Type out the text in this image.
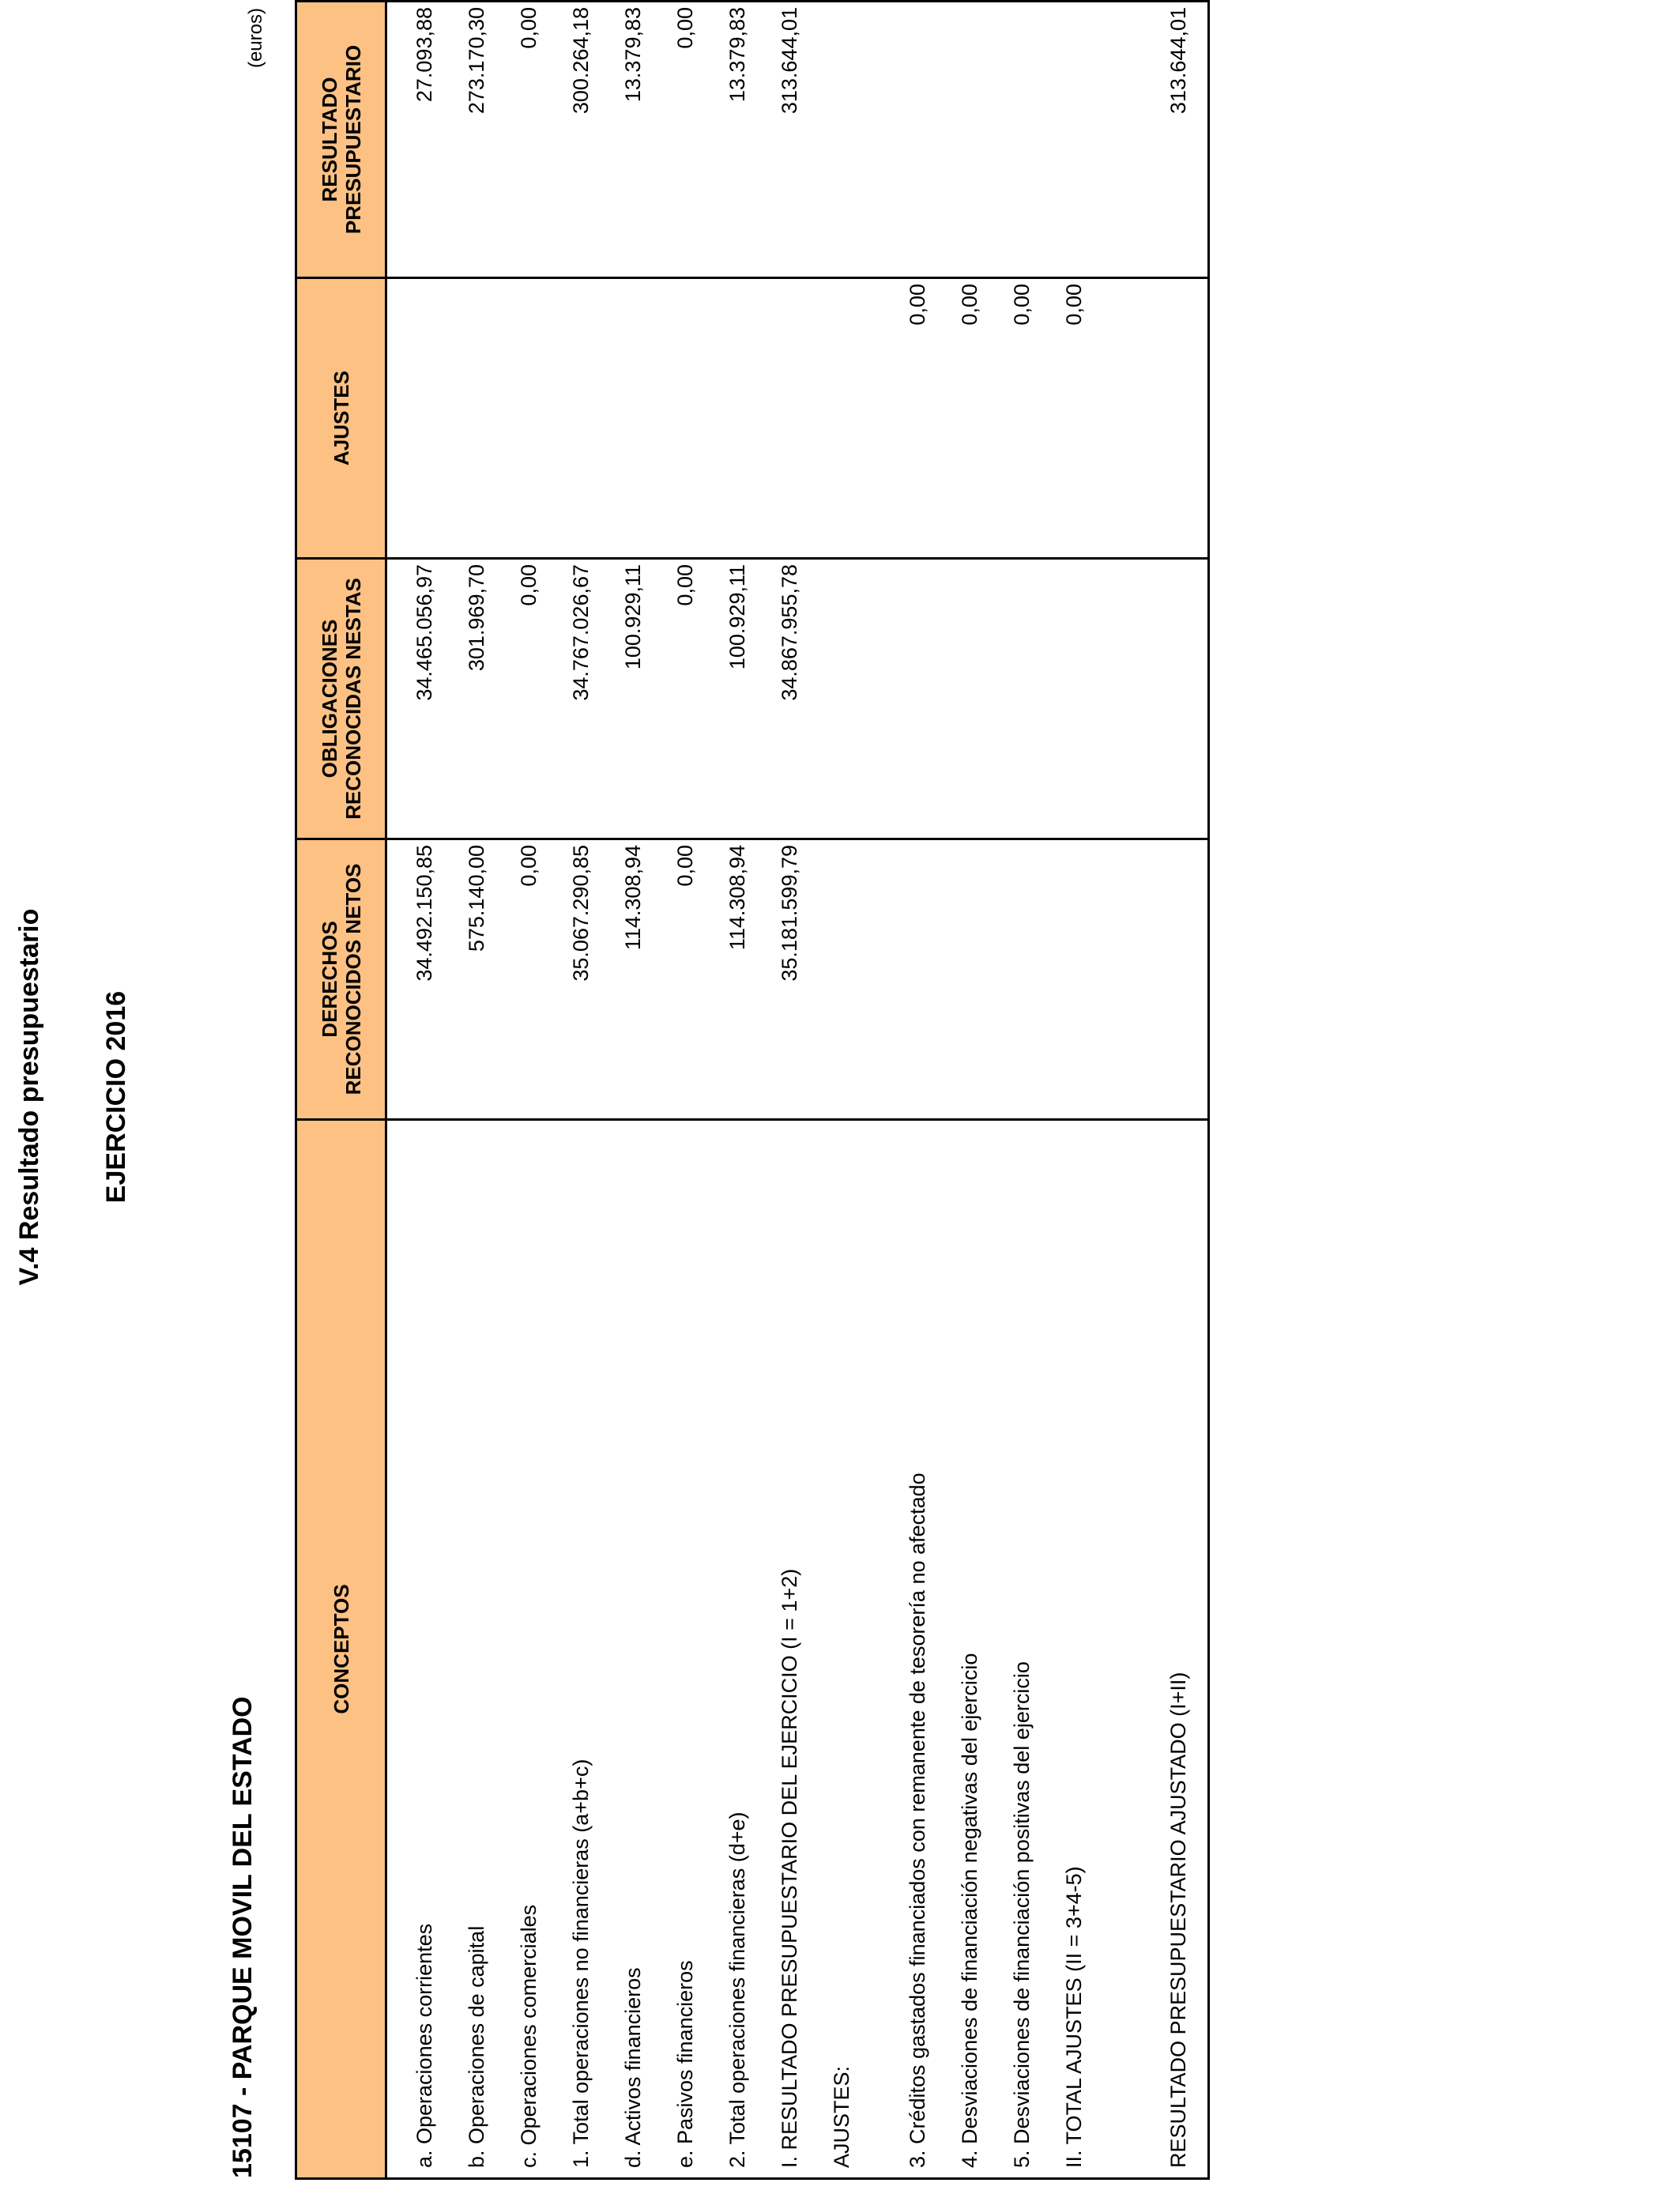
V.4 Resultado presupuestario EJERCICIO 2016
15107 - PARQUE MOVIL DEL ESTADO
(euros)
CONCEPTOS	DERECHOS RECONOCIDOS NETOS	OBLIGACIONES RECONOCIDAS NESTAS	AJUSTES	RESULTADO PRESUPUESTARIO
a. Operaciones corrientes	34.492.150,85	34.465.056,97		27.093,88
b. Operaciones de capital	575.140,00	301.969,70		273.170,30
c. Operaciones comerciales	0,00	0,00		0,00
1. Total operaciones no financieras (a+b+c)	35.067.290,85	34.767.026,67		300.264,18
d. Activos financieros	114.308,94	100.929,11		13.379,83
e. Pasivos financieros	0,00	0,00		0,00
2. Total operaciones financieras (d+e)	114.308,94	100.929,11		13.379,83
I. RESULTADO PRESUPUESTARIO DEL EJERCICIO (I = 1+2)	35.181.599,79	34.867.955,78		313.644,01
AJUSTES:				
3. Créditos gastados financiados con remanente de tesorería no afectado			0,00	
4. Desviaciones de financiación negativas del ejercicio			0,00	
5. Desviaciones de financiación positivas del ejercicio			0,00	
II. TOTAL AJUSTES (II = 3+4-5)			0,00	

RESULTADO PRESUPUESTARIO AJUSTADO (I+II)				313.644,01
